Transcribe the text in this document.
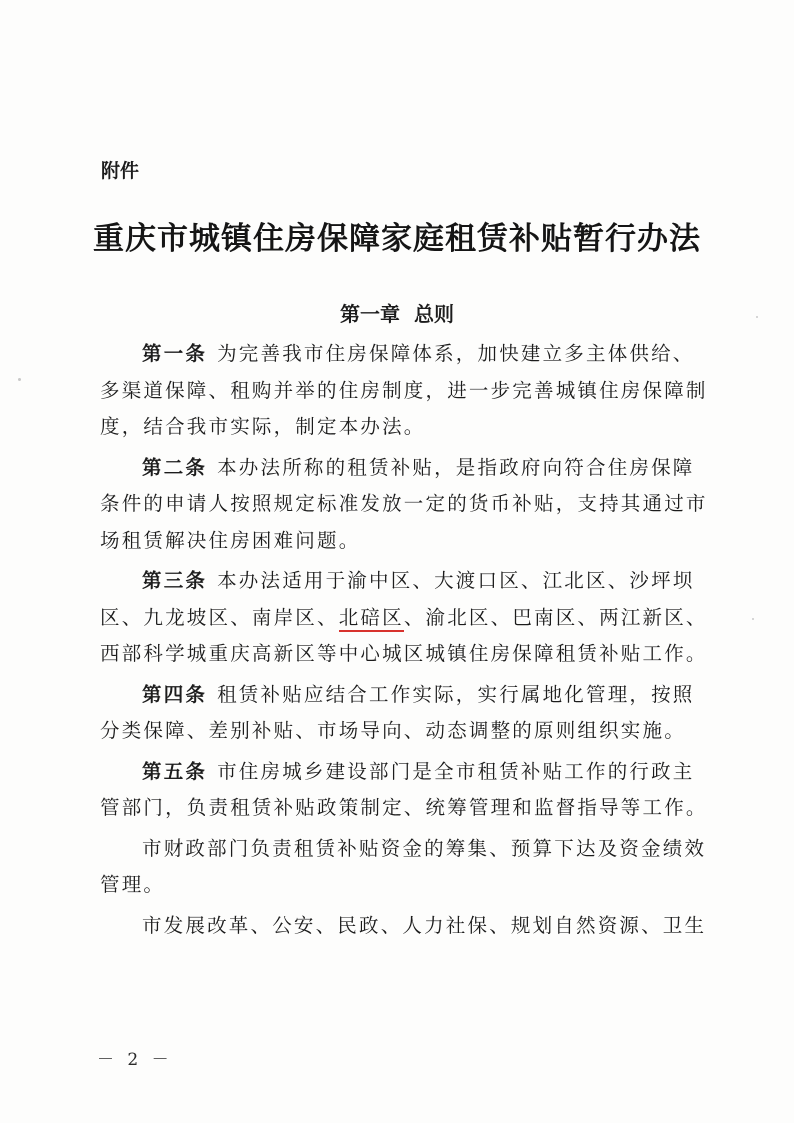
附件
重庆市城镇住房保障家庭租赁补贴暂行办法
第一章 总则
第一条 为完善我市住房保障体系，加快建立多主体供给、
多渠道保障、租购并举的住房制度，进一步完善城镇住房保障制
度，结合我市实际，制定本办法。
第二条 本办法所称的租赁补贴，是指政府向符合住房保障
条件的申请人按照规定标准发放一定的货币补贴，支持其通过市
场租赁解决住房困难问题。
第三条 本办法适用于渝中区、大渡口区、江北区、沙坪坝
区、九龙坡区、南岸区、北碚区、渝北区、巴南区、两江新区、
西部科学城重庆高新区等中心城区城镇住房保障租赁补贴工作。
第四条 租赁补贴应结合工作实际，实行属地化管理，按照
分类保障、差别补贴、市场导向、动态调整的原则组织实施。
第五条 市住房城乡建设部门是全市租赁补贴工作的行政主
管部门，负责租赁补贴政策制定、统筹管理和监督指导等工作。
市财政部门负责租赁补贴资金的筹集、预算下达及资金绩效
管理。
市发展改革、公安、民政、人力社保、规划自然资源、卫生
－ 2 －
